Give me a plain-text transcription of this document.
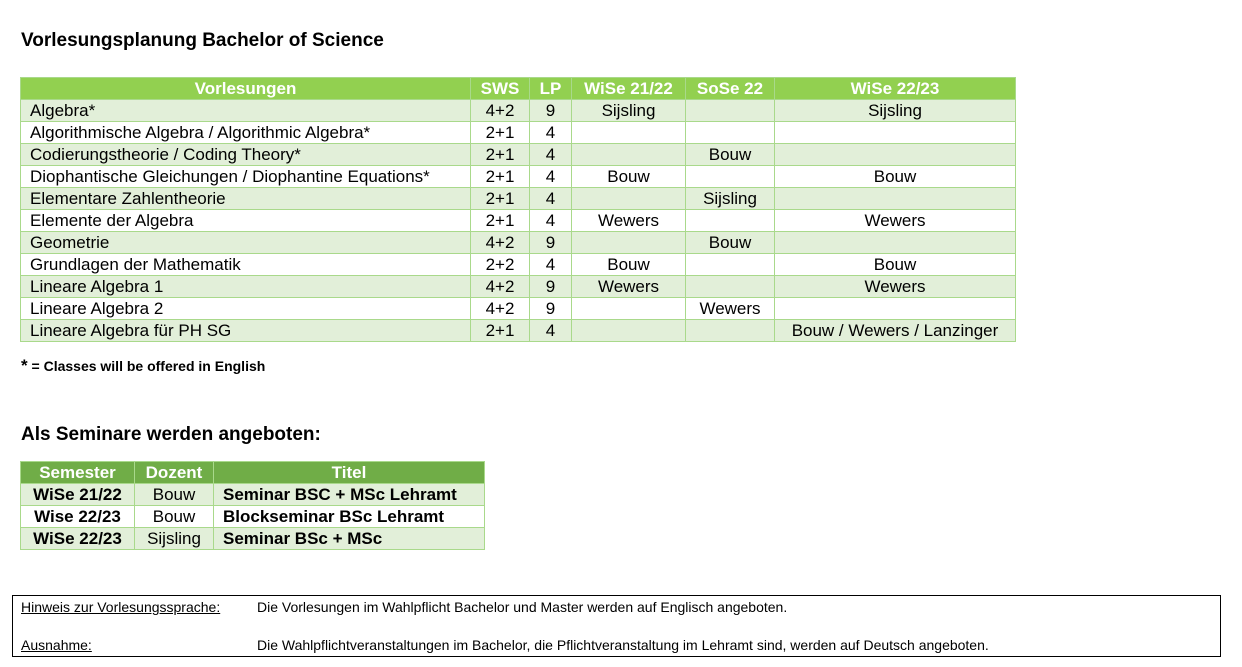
Vorlesungsplanung Bachelor of Science
Vorlesungen	SWS	LP	WiSe 21/22	SoSe 22	WiSe 22/23
Algebra*	4+2	9	Sijsling		Sijsling
Algorithmische Algebra / Algorithmic Algebra*	2+1	4			
Codierungstheorie / Coding Theory*	2+1	4		Bouw	
Diophantische Gleichungen / Diophantine Equations*	2+1	4	Bouw		Bouw
Elementare Zahlentheorie	2+1	4		Sijsling	
Elemente der Algebra	2+1	4	Wewers		Wewers
Geometrie	4+2	9		Bouw	
Grundlagen der Mathematik	2+2	4	Bouw		Bouw
Lineare Algebra 1	4+2	9	Wewers		Wewers
Lineare Algebra 2	4+2	9		Wewers	
Lineare Algebra für PH SG	2+1	4			Bouw / Wewers / Lanzinger
* = Classes will be offered in English
Als Seminare werden angeboten:
Semester	Dozent	Titel
WiSe 21/22	Bouw	Seminar BSC + MSc Lehramt
Wise 22/23	Bouw	Blockseminar BSc Lehramt
WiSe 22/23	Sijsling	Seminar BSc + MSc
Hinweis zur Vorlesungssprache:	Die Vorlesungen im Wahlpflicht Bachelor und Master werden auf Englisch angeboten.
Ausnahme:	Die Wahlpflichtveranstaltungen im Bachelor, die Pflichtveranstaltung im Lehramt sind, werden auf Deutsch angeboten.
